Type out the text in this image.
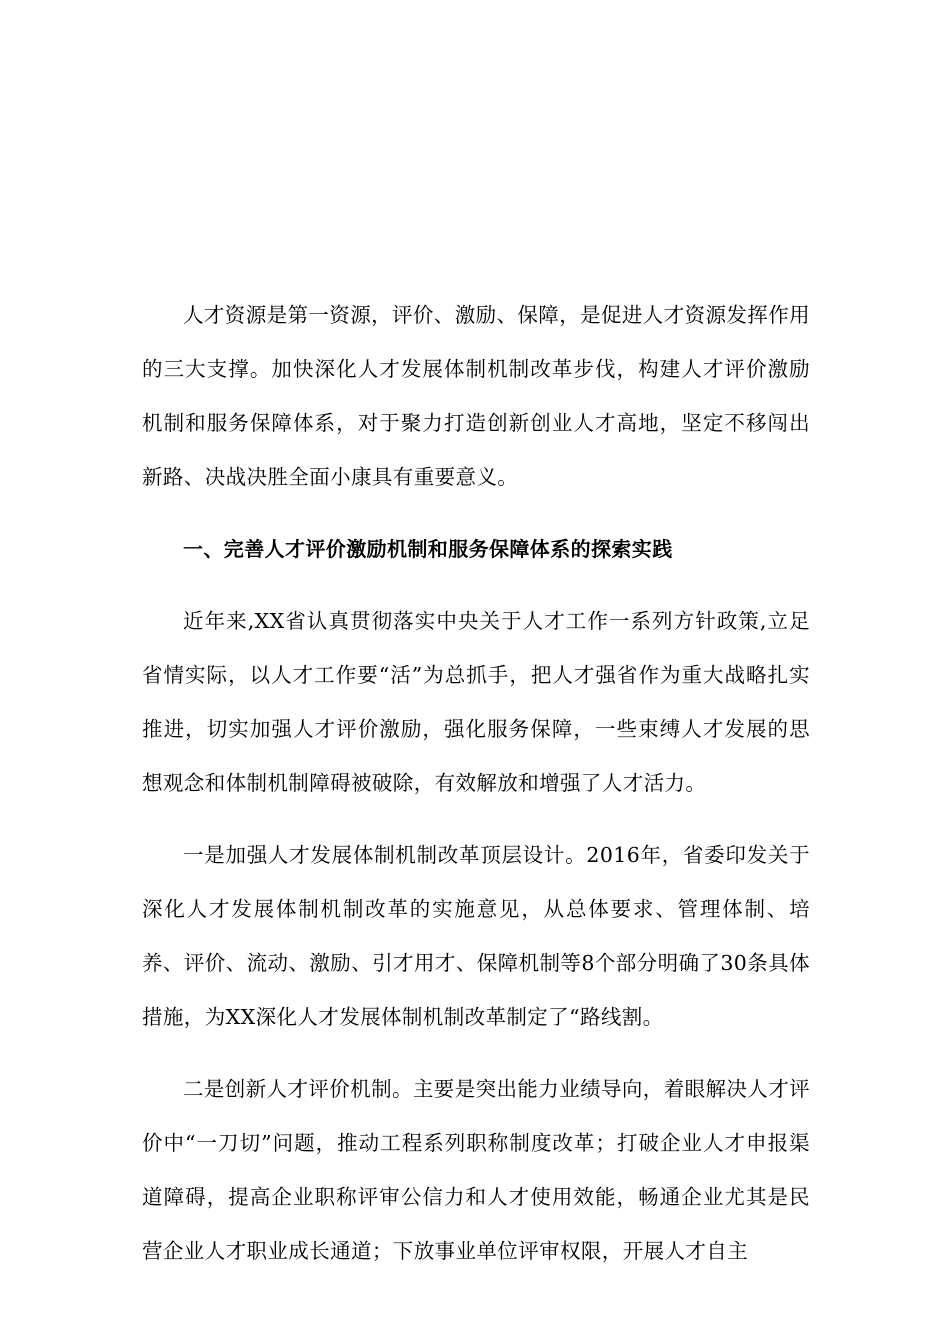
人才资源是第一资源，评价、激励、保障，是促进人才资源发挥作用的三大支撑。加快深化人才发展体制机制改革步伐，构建人才评价激励机制和服务保障体系，对于聚力打造创新创业人才高地，坚定不移闯出新路、决战决胜全面小康具有重要意义。

一、完善人才评价激励机制和服务保障体系的探索实践

近年来,XX省认真贯彻落实中央关于人才工作一系列方针政策,立足省情实际，以人才工作要“活”为总抓手，把人才强省作为重大战略扎实推进，切实加强人才评价激励，强化服务保障，一些束缚人才发展的思想观念和体制机制障碍被破除，有效解放和增强了人才活力。

一是加强人才发展体制机制改革顶层设计。2016年，省委印发关于深化人才发展体制机制改革的实施意见，从总体要求、管理体制、培养、评价、流动、激励、引才用才、保障机制等8个部分明确了30条具体措施，为XX深化人才发展体制机制改革制定了“路线割。

二是创新人才评价机制。主要是突出能力业绩导向，着眼解决人才评价中“一刀切”问题，推动工程系列职称制度改革；打破企业人才申报渠道障碍，提高企业职称评审公信力和人才使用效能，畅通企业尤其是民营企业人才职业成长通道；下放事业单位评审权限，开展人才自主
